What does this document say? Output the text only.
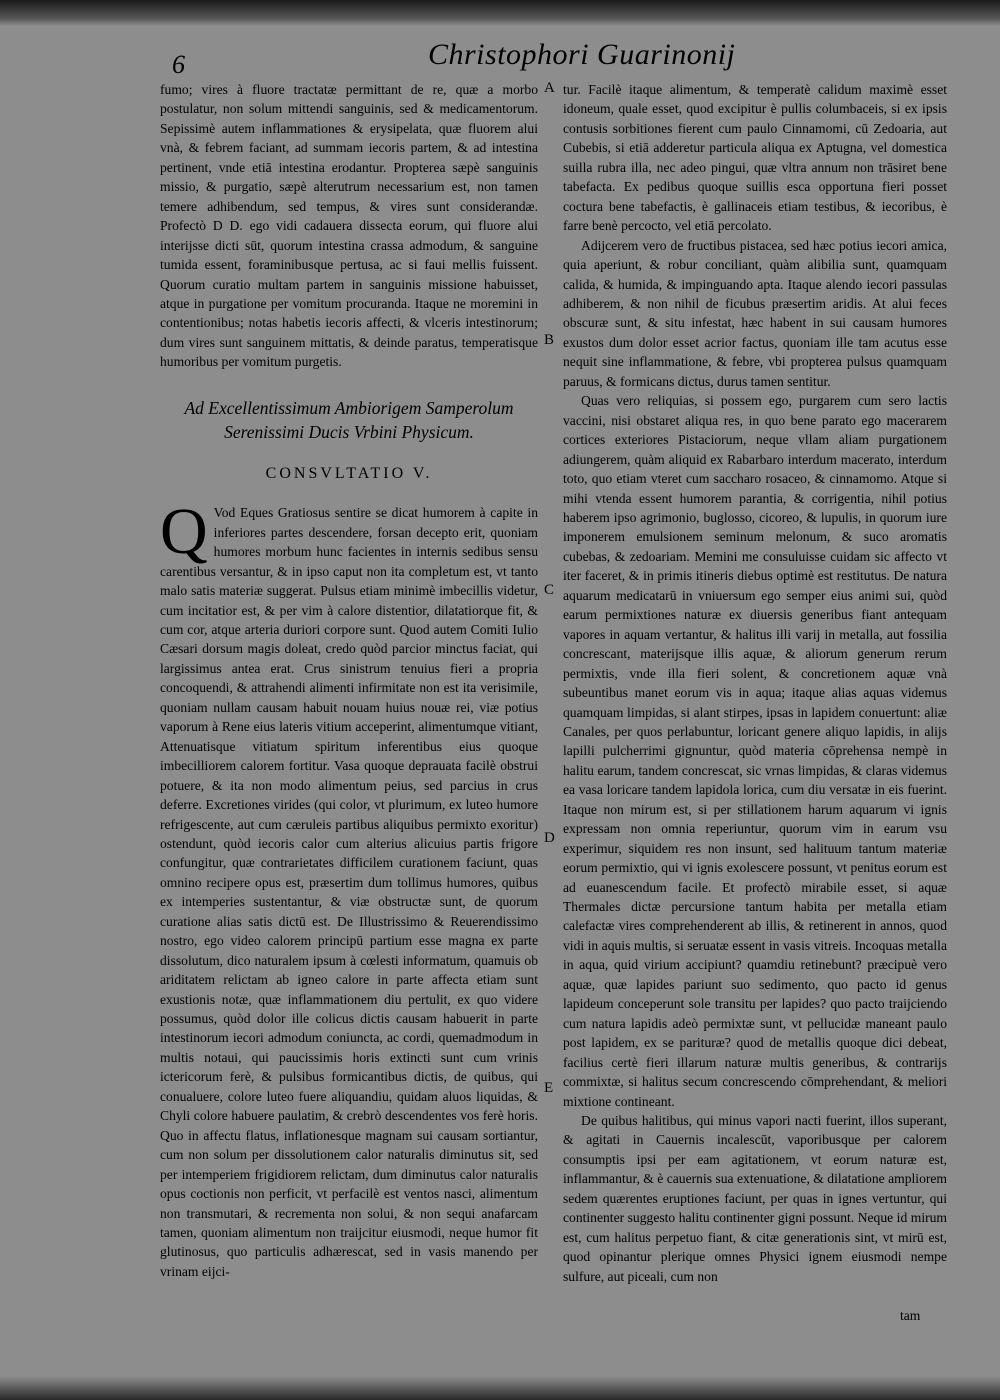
6	Christophori Guarinonij

fumo; vires à fluore tractatæ permittant de re, quæ a morbo postulatur, non solum mittendi sanguinis, sed & medicamentorum. Sepissimè autem inflammationes & erysipelata, quæ fluorem alui vnà, & febrem faciant, ad summam iecoris partem, & ad intestina pertinent, vnde etiā intestina erodantur. Propterea sæpè sanguinis missio, & purgatio, sæpè alterutrum necessarium est, non tamen temere adhibendum, sed tempus, & vires sunt considerandæ. Profectò D D. ego vidi cadauera dissecta eorum, qui fluore alui interijsse dicti sūt, quorum intestina crassa admodum, & sanguine tumida essent, foraminibusque pertusa, ac si faui mellis fuissent. Quorum curatio multam partem in sanguinis missione habuisset, atque in purgatione per vomitum procuranda. Itaque ne moremini in contentionibus; notas habetis iecoris affecti, & vlceris intestinorum; dum vires sunt sanguinem mittatis, & deinde paratus, temperatisque humoribus per vomitum purgetis.

Ad Excellentissimum Ambiorigem Samperolum Serenissimi Ducis Vrbini Physicum.
CONSVLTATIO V.

Q Vod Eques Gratiosus sentire se dicat humorem à capite in inferiores partes descendere, forsan decepto erit, quoniam humores morbum hunc facientes in internis sedibus sensu carentibus versantur, & in ipso caput non ita completum est, vt tanto malo satis materiæ suggerat. Pulsus etiam minimè imbecillis videtur, cum incitatior est, & per vim à calore distentior, dilatatiorque fit, & cum cor, atque arteria duriori corpore sunt. Quod autem Comiti Iulio Cæsari dorsum magis doleat, credo quòd parcior minctus faciat, qui largissimus antea erat. Crus sinistrum tenuius fieri a propria concoquendi, & attrahendi alimenti infirmitate non est ita verisimile, quoniam nullam causam habuit nouam huius nouæ rei, viæ potius vaporum à Rene eius lateris vitium acceperint, alimentumque vitiant, Attenuatisque vitiatum spiritum inferentibus eius quoque imbecilliorem calorem fortitur. Vasa quoque deprauata facilè obstrui potuere, & ita non modo alimentum peius, sed parcius in crus deferre. Excretiones virides (qui color, vt plurimum, ex luteo humore refrigescente, aut cum cæruleis partibus aliquibus permixto exoritur) ostendunt, quòd iecoris calor cum alterius alicuius partis frigore confungitur, quæ contrarietates difficilem curationem faciunt, quas omnino recipere opus est, præsertim dum tollimus humores, quibus ex intemperies sustentantur, & viæ obstructæ sunt, de quorum curatione alias satis dictū est. De Illustrissimo & Reuerendissimo nostro, ego video calorem principū partium esse magna ex parte dissolutum, dico naturalem ipsum à cœlesti informatum, quamuis ob ariditatem relictam ab igneo calore in parte affecta etiam sunt exustionis notæ, quæ inflammationem diu pertulit, ex quo videre possumus, quòd dolor ille colicus dictis causam habuerit in parte intestinorum iecori admodum coniuncta, ac cordi, quemadmodum in multis notaui, qui paucissimis horis extincti sunt cum vrinis ictericorum ferè, & pulsibus formicantibus dictis, de quibus, qui conualuere, colore luteo fuere aliquandiu, quidam aluos liquidas, & Chyli colore habuere paulatim, & crebrò descendentes vos ferè horis. Quo in affectu flatus, inflationesque magnam sui causam sortiantur, cum non solum per dissolutionem calor naturalis diminutus sit, sed per intemperiem frigidiorem relictam, dum diminutus calor naturalis opus coctionis non perficit, vt perfacilè est ventos nasci, alimentum non transmutari, & recrementa non solui, & non sequi anafarcam tamen, quoniam alimentum non traijcitur eiusmodi, neque humor fit glutinosus, quo particulis adhærescat, sed in vasis manendo per vrinam eijci-

tur. Facilè itaque alimentum, & temperatè calidum maximè esset idoneum, quale esset, quod excipitur è pullis columbaceis, si ex ipsis contusis sorbitiones fierent cum paulo Cinnamomi, cū Zedoaria, aut Cubebis, si etiā adderetur particula aliqua ex Aptugna, vel domestica suilla rubra illa, nec adeo pingui, quæ vltra annum non trāsiret bene tabefacta. Ex pedibus quoque suillis esca opportuna fieri posset coctura bene tabefactis, è gallinaceis etiam testibus, & iecoribus, è farre benè percocto, vel etiā percolato.

Adijcerem vero de fructibus pistacea, sed hæc potius iecori amica, quia aperiunt, & robur conciliant, quàm alibilia sunt, quamquam calida, & humida, & impinguando apta. Itaque alendo iecori passulas adhiberem, & non nihil de ficubus præsertim aridis. At alui feces obscuræ sunt, & situ infestat, hæc habent in sui causam humores exustos dum dolor esset acrior factus, quoniam ille tam acutus esse nequit sine inflammatione, & febre, vbi propterea pulsus quamquam paruus, & formicans dictus, durus tamen sentitur.

Quas vero reliquias, si possem ego, purgarem cum sero lactis vaccini, nisi obstaret aliqua res, in quo bene parato ego macerarem cortices exteriores Pistaciorum, neque vllam aliam purgationem adiungerem, quàm aliquid ex Rabarbaro interdum macerato, interdum toto, quo etiam vteret cum saccharo rosaceo, & cinnamomo. Atque si mihi vtenda essent humorem parantia, & corrigentia, nihil potius haberem ipso agrimonio, buglosso, cicoreo, & lupulis, in quorum iure imponerem emulsionem seminum melonum, & suco aromatis cubebas, & zedoariam. Memini me consuluisse cuidam sic affecto vt iter faceret, & in primis itineris diebus optimè est restitutus. De natura aquarum medicatarū in vniuersum ego semper eius animi sui, quòd earum permixtiones naturæ ex diuersis generibus fiant antequam vapores in aquam vertantur, & halitus illi varij in metalla, aut fossilia concrescant, materijsque illis aquæ, & aliorum generum rerum permixtis, vnde illa fieri solent, & concretionem aquæ vnà subeuntibus manet eorum vis in aqua; itaque alias aquas videmus quamquam limpidas, si alant stirpes, ipsas in lapidem conuertunt: aliæ Canales, per quos perlabuntur, loricant genere aliquo lapidis, in alijs lapilli pulcherrimi gignuntur, quòd materia cōprehensa nempè in halitu earum, tandem concrescat, sic vrnas limpidas, & claras videmus ea vasa loricare tandem lapidola lorica, cum diu versatæ in eis fuerint. Itaque non mirum est, si per stillationem harum aquarum vi ignis expressam non omnia reperiuntur, quorum vim in earum vsu experimur, siquidem res non insunt, sed halituum tantum materiæ eorum permixtio, qui vi ignis exolescere possunt, vt penitus eorum est ad euanescendum facile. Et profectò mirabile esset, si aquæ Thermales dictæ percursione tantum habita per metalla etiam calefactæ vires comprehenderent ab illis, & retinerent in annos, quod vidi in aquis multis, si seruatæ essent in vasis vitreis. Incoquas metalla in aqua, quid virium accipiunt? quamdiu retinebunt? præcipuè vero aquæ, quæ lapides pariunt suo sedimento, quo pacto id genus lapideum conceperunt sole transitu per lapides? quo pacto traijciendo cum natura lapidis adeò permixtæ sunt, vt pellucidæ maneant paulo post lapidem, ex se parituræ? quod de metallis quoque dici debeat, facilius certè fieri illarum naturæ multis generibus, & contrarijs commixtæ, si halitus secum concrescendo cōmprehendant, & meliori mixtione contineant.

De quibus halitibus, qui minus vapori nacti fuerint, illos superant, & agitati in Cauernis incalescūt, vaporibusque per calorem consumptis ipsi per eam agitationem, vt eorum naturæ est, inflammantur, & è cauernis sua extenuatione, & dilatatione ampliorem sedem quærentes eruptiones faciunt, per quas in ignes vertuntur, qui continenter suggesto halitu continenter gigni possunt. Neque id mirum est, cum halitus perpetuo fiant, & citæ generationis sint, vt mirū est, quod opinantur plerique omnes Physici ignem eiusmodi nempe sulfure, aut piceali, cum non

A
B
C
D
E
tam
